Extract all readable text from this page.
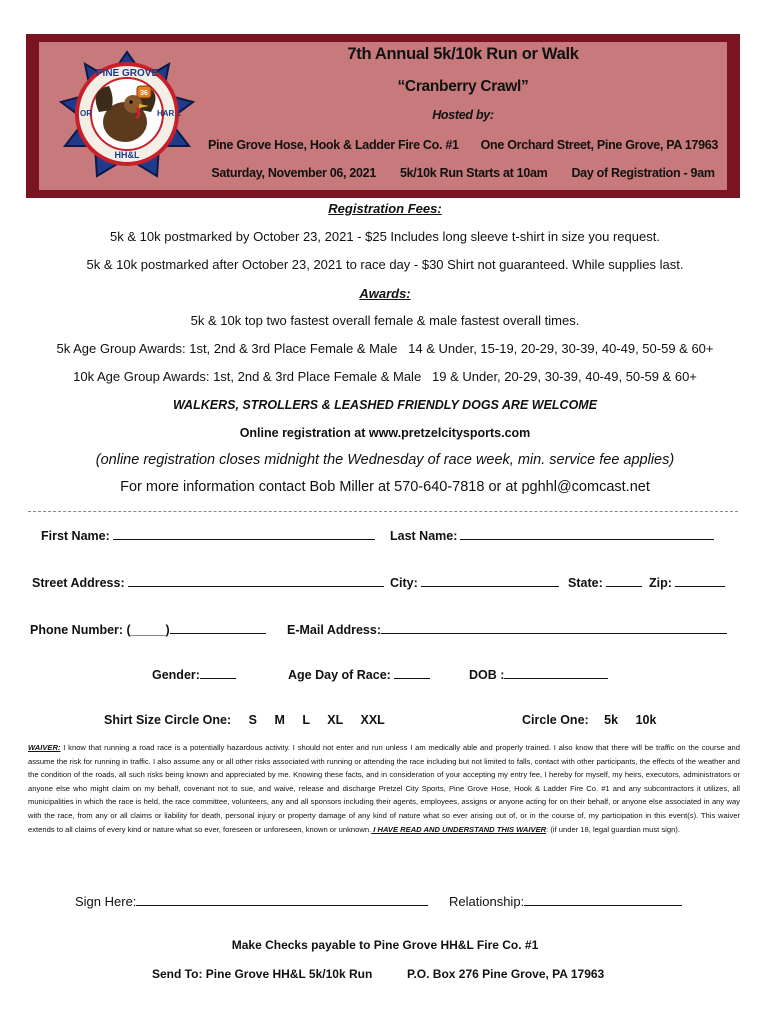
36
PINE GROVE
OR	HAR 1
HH&L
7th Annual 5k/10k Run or Walk
“Cranberry Crawl”
Hosted by:
Pine Grove Hose, Hook & Ladder Fire Co. #1 One Orchard Street, Pine Grove, PA 17963
Saturday, November 06, 2021 5k/10k Run Starts at 10am Day of Registration - 9am
Registration Fees:
5k & 10k postmarked by October 23, 2021 - $25 Includes long sleeve t-shirt in size you request.
5k & 10k postmarked after October 23, 2021 to race day - $30 Shirt not guaranteed. While supplies last.
Awards:
5k & 10k top two fastest overall female & male fastest overall times.
5k Age Group Awards: 1st, 2nd & 3rd Place Female & Male   14 & Under, 15-19, 20-29, 30-39, 40-49, 50-59 & 60+
10k Age Group Awards: 1st, 2nd & 3rd Place Female & Male   19 & Under, 20-29, 30-39, 40-49, 50-59 & 60+
WALKERS, STROLLERS & LEASHED FRIENDLY DOGS ARE WELCOME
Online registration at www.pretzelcitysports.com
(online registration closes midnight the Wednesday of race week, min. service fee applies)
For more information contact Bob Miller at 570-640-7818 or at pghhl@comcast.net
First Name:	Last Name:
Street Address:	City:	State:	Zip:
Phone Number: (_____)	E-Mail Address:
Gender:	Age Day of Race:	DOB :
Shirt Size Circle One: S M L XL XXL	Circle One: 5k 10k
WAIVER: I know that running a road race is a potentially hazardous activity. I should not enter and run unless I am medically able and properly trained. I also know that there will be traffic on the course and assume the risk for running in traffic. I also assume any or all other risks associated with running or attending the race including but not limited to falls, contact with other participants, the effects of the weather and the condition of the roads, all such risks being known and appreciated by me. Knowing these facts, and in consideration of your accepting my entry fee, I hereby for myself, my heirs, executors, administrators or anyone else who might claim on my behalf, covenant not to sue, and waive, release and discharge Pretzel City Sports, Pine Grove Hose, Hook & Ladder Fire Co. #1 and any subcontractors it utilizes, all municipalities in which the race is held, the race committee, volunteers, any and all sponsors including their agents, employees, assigns or anyone acting for on their behalf, or anyone else associated in any way with the race, from any or all claims or liability for death, personal injury or property damage of any kind of nature what so ever arising out of, or in the course of, my participation in this event(s). This waiver extends to all claims of every kind or nature what so ever, foreseen or unforeseen, known or unknown. I HAVE READ AND UNDERSTAND THIS WAIVER: (if under 18, legal guardian must sign).
Sign Here:	Relationship:
Make Checks payable to Pine Grove HH&L Fire Co. #1
Send To: Pine Grove HH&L 5k/10k Run	P.O. Box 276 Pine Grove, PA 17963
